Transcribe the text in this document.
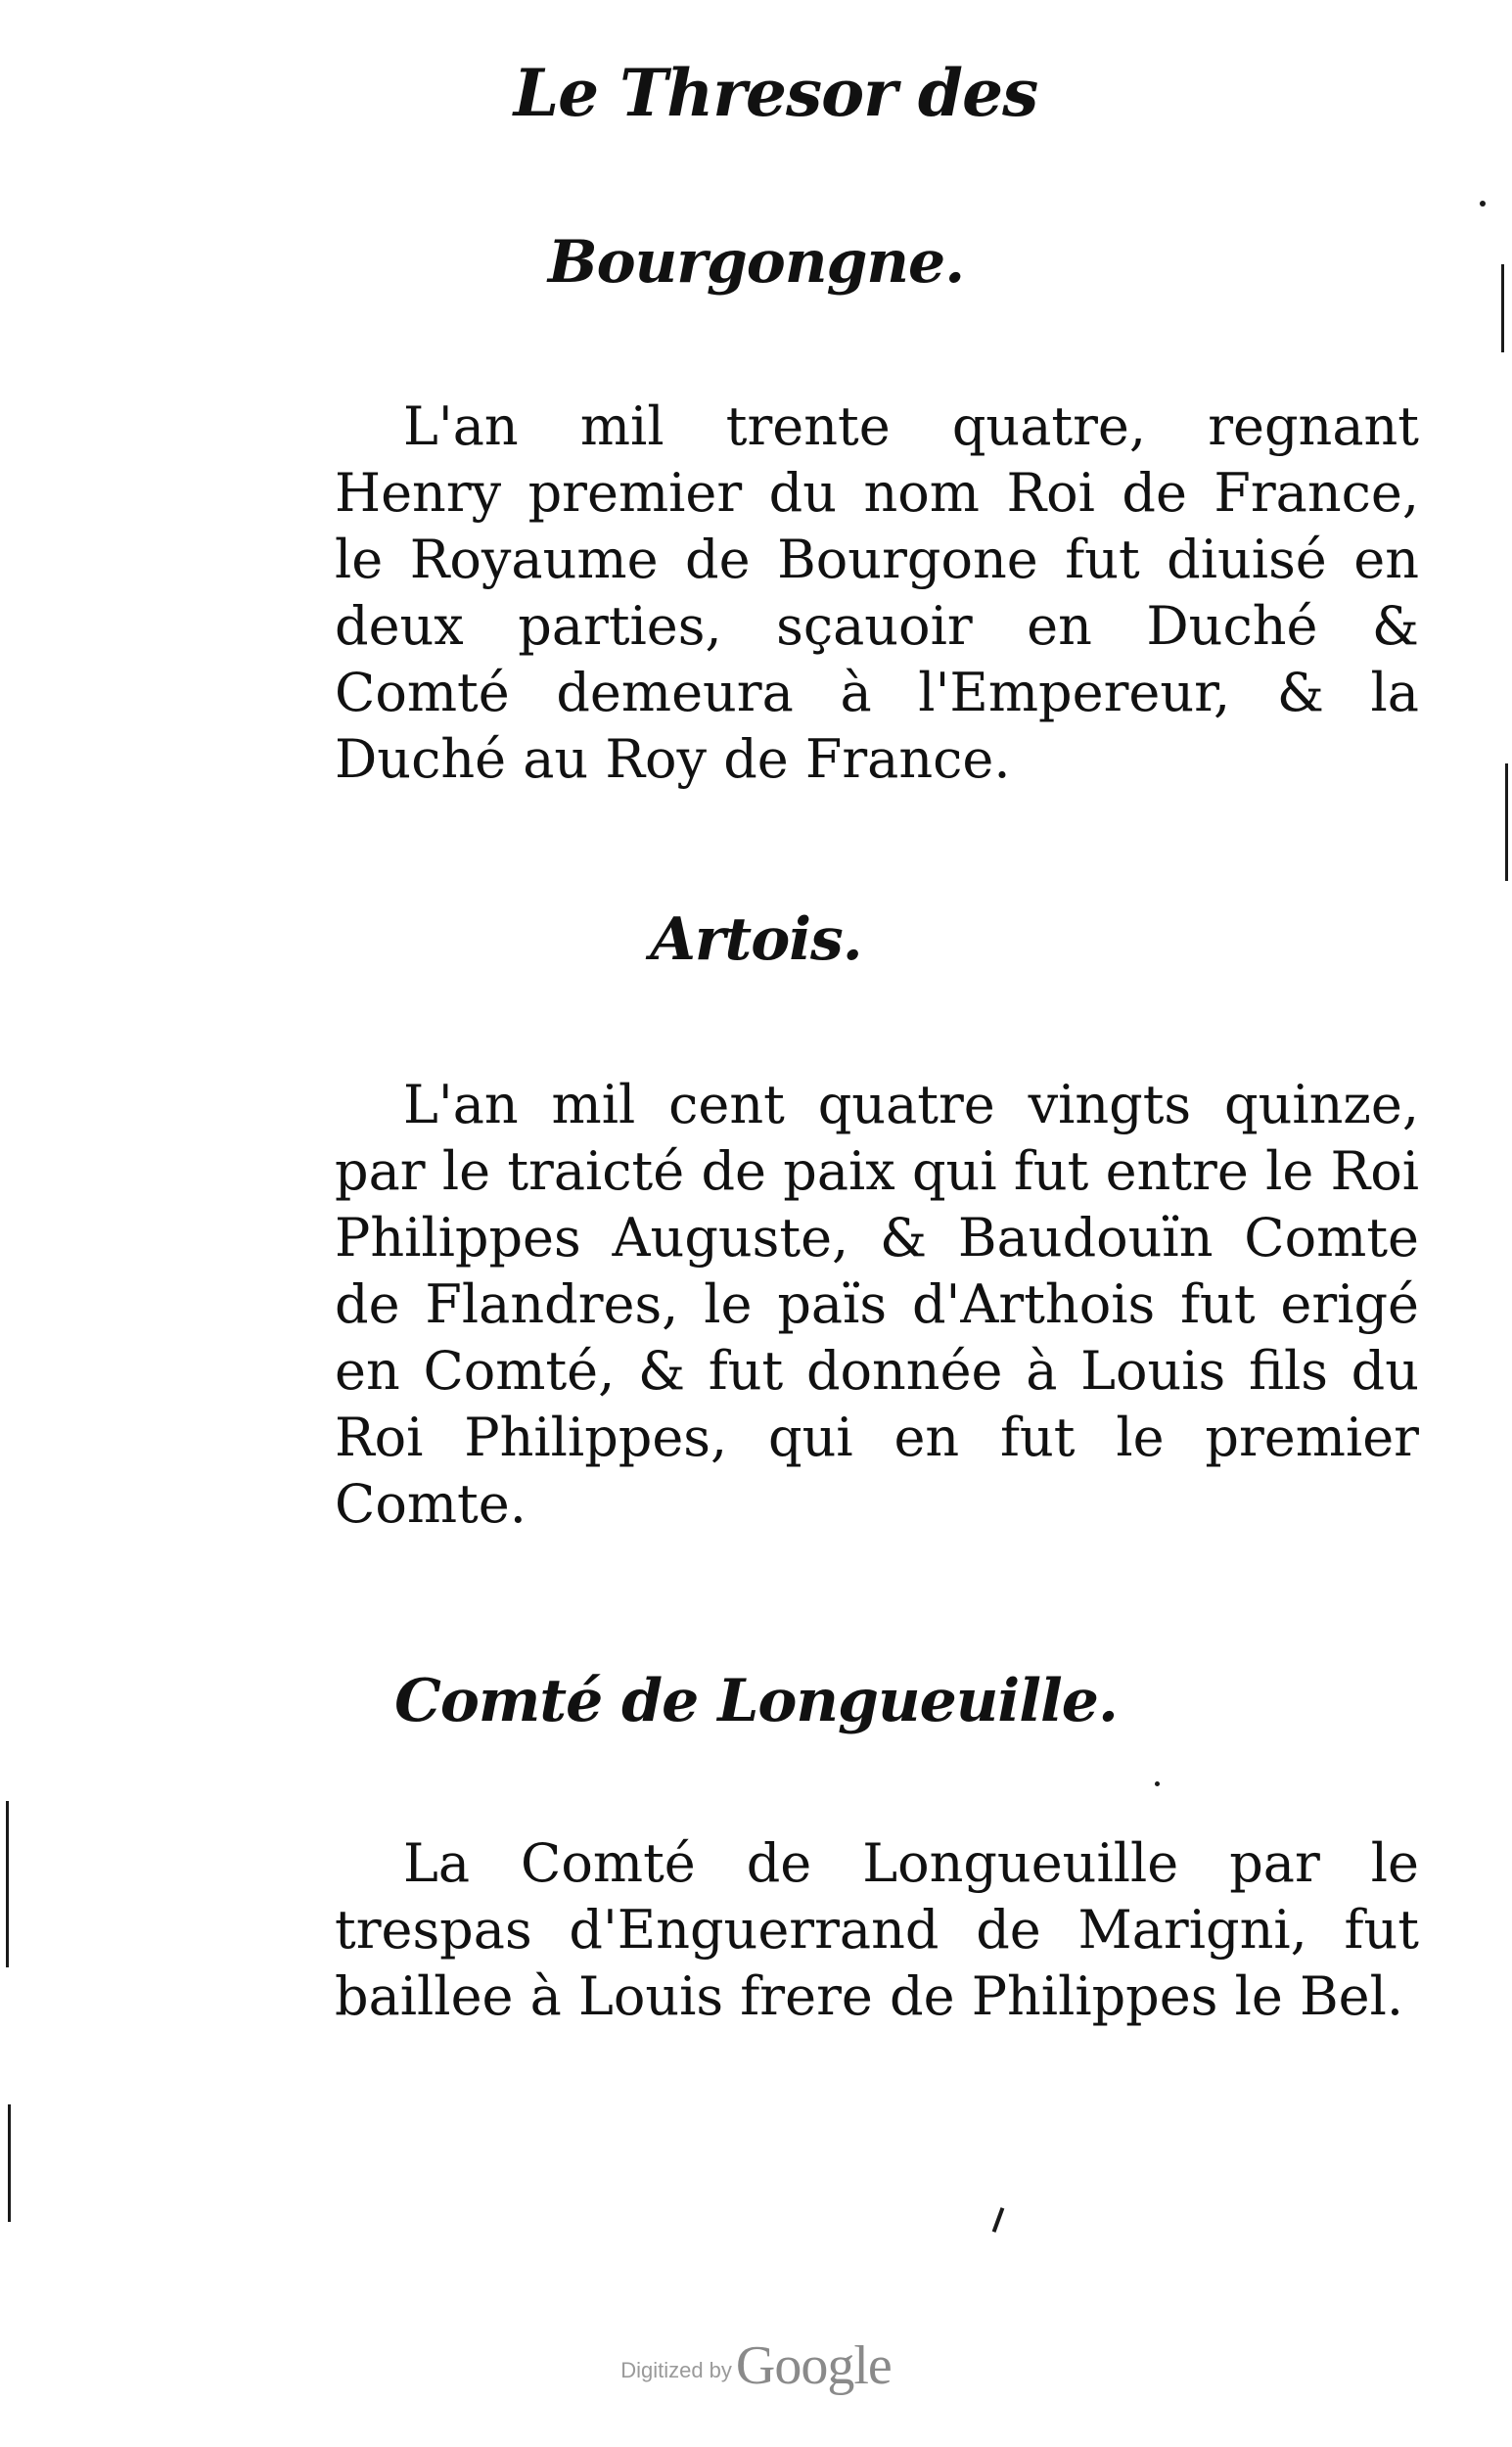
Le Thresor des
Bourgongne.

L'an mil trente quatre, regnant Henry premier du nom Roi de France, le Royaume de Bourgone fut diuisé en deux parties, sçauoir en Duché & Comté demeura à l'Empereur, & la Duché au Roy de France.

Artois.

L'an mil cent quatre vingts quinze, par le traicté de paix qui fut entre le Roi Philippes Auguste, & Baudouïn Comte de Flandres, le païs d'Arthois fut erigé en Comté, & fut donnée à Louis fils du Roi Philippes, qui en fut le premier Comte.

Comté de Longueuille.

La Comté de Longueuille par le trespas d'Enguerrand de Marigni, fut baillee à Louis frere de Philippes le Bel.

Digitized byGoogle
